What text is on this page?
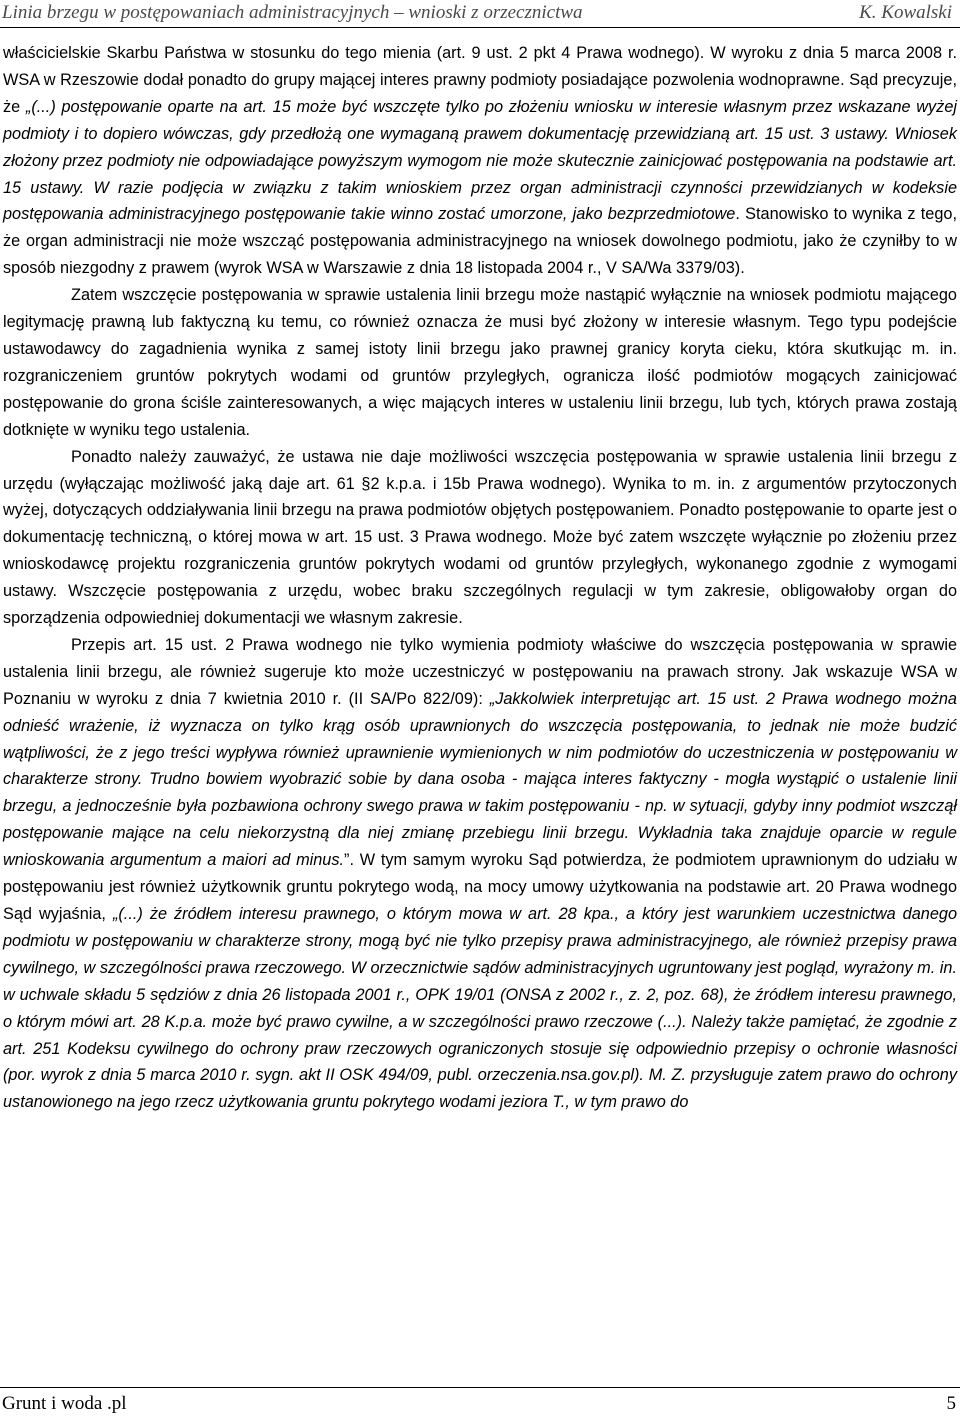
Linia brzegu w postępowaniach administracyjnych – wnioski z orzecznictwa	K. Kowalski

właścicielskie Skarbu Państwa w stosunku do tego mienia (art. 9 ust. 2 pkt 4 Prawa wodnego). W wyroku z dnia 5 marca 2008 r. WSA w Rzeszowie dodał ponadto do grupy mającej interes prawny podmioty posiadające pozwolenia wodnoprawne. Sąd precyzuje, że „(...) postępowanie oparte na art. 15 może być wszczęte tylko po złożeniu wniosku w interesie własnym przez wskazane wyżej podmioty i to dopiero wówczas, gdy przedłożą one wymaganą prawem dokumentację przewidzianą art. 15 ust. 3 ustawy. Wniosek złożony przez podmioty nie odpowiadające powyższym wymogom nie może skutecznie zainicjować postępowania na podstawie art. 15 ustawy. W razie podjęcia w związku z takim wnioskiem przez organ administracji czynności przewidzianych w kodeksie postępowania administracyjnego postępowanie takie winno zostać umorzone, jako bezprzedmiotowe. Stanowisko to wynika z tego, że organ administracji nie może wszcząć postępowania administracyjnego na wniosek dowolnego podmiotu, jako że czyniłby to w sposób niezgodny z prawem (wyrok WSA w Warszawie z dnia 18 listopada 2004 r., V SA/Wa 3379/03).

Zatem wszczęcie postępowania w sprawie ustalenia linii brzegu może nastąpić wyłącznie na wniosek podmiotu mającego legitymację prawną lub faktyczną ku temu, co również oznacza że musi być złożony w interesie własnym. Tego typu podejście ustawodawcy do zagadnienia wynika z samej istoty linii brzegu jako prawnej granicy koryta cieku, która skutkując m. in. rozgraniczeniem gruntów pokrytych wodami od gruntów przyległych, ogranicza ilość podmiotów mogących zainicjować postępowanie do grona ściśle zainteresowanych, a więc mających interes w ustaleniu linii brzegu, lub tych, których prawa zostają dotknięte w wyniku tego ustalenia.

Ponadto należy zauważyć, że ustawa nie daje możliwości wszczęcia postępowania w sprawie ustalenia linii brzegu z urzędu (wyłączając możliwość jaką daje art. 61 §2 k.p.a. i 15b Prawa wodnego). Wynika to m. in. z argumentów przytoczonych wyżej, dotyczących oddziaływania linii brzegu na prawa podmiotów objętych postępowaniem. Ponadto postępowanie to oparte jest o dokumentację techniczną, o której mowa w art. 15 ust. 3 Prawa wodnego. Może być zatem wszczęte wyłącznie po złożeniu przez wnioskodawcę projektu rozgraniczenia gruntów pokrytych wodami od gruntów przyległych, wykonanego zgodnie z wymogami ustawy. Wszczęcie postępowania z urzędu, wobec braku szczególnych regulacji w tym zakresie, obligowałoby organ do sporządzenia odpowiedniej dokumentacji we własnym zakresie.

Przepis art. 15 ust. 2 Prawa wodnego nie tylko wymienia podmioty właściwe do wszczęcia postępowania w sprawie ustalenia linii brzegu, ale również sugeruje kto może uczestniczyć w postępowaniu na prawach strony. Jak wskazuje WSA w Poznaniu w wyroku z dnia 7 kwietnia 2010 r. (II SA/Po 822/09): „Jakkolwiek interpretując art. 15 ust. 2 Prawa wodnego można odnieść wrażenie, iż wyznacza on tylko krąg osób uprawnionych do wszczęcia postępowania, to jednak nie może budzić wątpliwości, że z jego treści wypływa również uprawnienie wymienionych w nim podmiotów do uczestniczenia w postępowaniu w charakterze strony. Trudno bowiem wyobrazić sobie by dana osoba - mająca interes faktyczny - mogła wystąpić o ustalenie linii brzegu, a jednocześnie była pozbawiona ochrony swego prawa w takim postępowaniu - np. w sytuacji, gdyby inny podmiot wszczął postępowanie mające na celu niekorzystną dla niej zmianę przebiegu linii brzegu. Wykładnia taka znajduje oparcie w regule wnioskowania argumentum a maiori ad minus.”. W tym samym wyroku Sąd potwierdza, że podmiotem uprawnionym do udziału w postępowaniu jest również użytkownik gruntu pokrytego wodą, na mocy umowy użytkowania na podstawie art. 20 Prawa wodnego Sąd wyjaśnia, „(...) że źródłem interesu prawnego, o którym mowa w art. 28 kpa., a który jest warunkiem uczestnictwa danego podmiotu w postępowaniu w charakterze strony, mogą być nie tylko przepisy prawa administracyjnego, ale również przepisy prawa cywilnego, w szczególności prawa rzeczowego. W orzecznictwie sądów administracyjnych ugruntowany jest pogląd, wyrażony m. in. w uchwale składu 5 sędziów z dnia 26 listopada 2001 r., OPK 19/01 (ONSA z 2002 r., z. 2, poz. 68), że źródłem interesu prawnego, o którym mówi art. 28 K.p.a. może być prawo cywilne, a w szczególności prawo rzeczowe (...). Należy także pamiętać, że zgodnie z art. 251 Kodeksu cywilnego do ochrony praw rzeczowych ograniczonych stosuje się odpowiednio przepisy o ochronie własności (por. wyrok z dnia 5 marca 2010 r. sygn. akt II OSK 494/09, publ. orzeczenia.nsa.gov.pl). M. Z. przysługuje zatem prawo do ochrony ustanowionego na jego rzecz użytkowania gruntu pokrytego wodami jeziora T., w tym prawo do

Grunt i woda .pl	5
